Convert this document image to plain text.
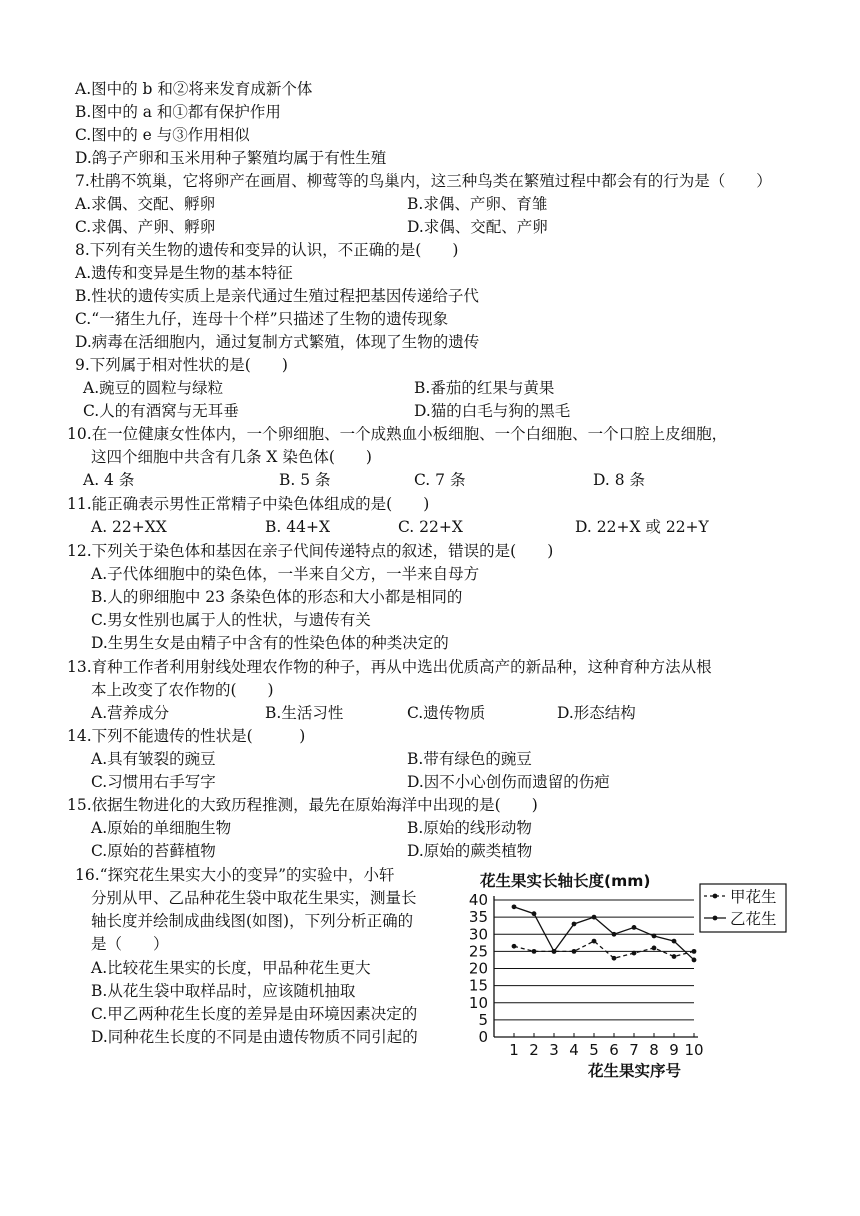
A.图中的 b 和②将来发育成新个体
B.图中的 a 和①都有保护作用
C.图中的 e 与③作用相似
D.鸽子产卵和玉米用种子繁殖均属于有性生殖
7.杜鹃不筑巢，它将卵产在画眉、柳莺等的鸟巢内，这三种鸟类在繁殖过程中都会有的行为是（　　）
A.求偶、交配、孵卵	B.求偶、产卵、育雏
C.求偶、产卵、孵卵	D.求偶、交配、产卵
8.下列有关生物的遗传和变异的认识，不正确的是(　　)
A.遗传和变异是生物的基本特征
B.性状的遗传实质上是亲代通过生殖过程把基因传递给子代
C.“一猪生九仔，连母十个样”只描述了生物的遗传现象
D.病毒在活细胞内，通过复制方式繁殖，体现了生物的遗传
9.下列属于相对性状的是(　　)
A.豌豆的圆粒与绿粒	B.番茄的红果与黄果
C.人的有酒窝与无耳垂	D.猫的白毛与狗的黑毛
10.在一位健康女性体内，一个卵细胞、一个成熟血小板细胞、一个白细胞、一个口腔上皮细胞，
这四个细胞中共含有几条 X 染色体(　　)
A. 4 条	B. 5 条	C. 7 条	D. 8 条
11.能正确表示男性正常精子中染色体组成的是(　　)
A. 22+XX	B. 44+X	C. 22+X	D. 22+X 或 22+Y
12.下列关于染色体和基因在亲子代间传递特点的叙述，错误的是(　　)
A.子代体细胞中的染色体，一半来自父方，一半来自母方
B.人的卵细胞中 23 条染色体的形态和大小都是相同的
C.男女性别也属于人的性状，与遗传有关
D.生男生女是由精子中含有的性染色体的种类决定的
13.育种工作者利用射线处理农作物的种子，再从中选出优质高产的新品种，这种育种方法从根
本上改变了农作物的(　　)
A.营养成分	B.生活习性	C.遗传物质	D.形态结构
14.下列不能遗传的性状是(　　　)
A.具有皱裂的豌豆	B.带有绿色的豌豆
C.习惯用右手写字	D.因不小心创伤而遗留的伤疤
15.依据生物进化的大致历程推测，最先在原始海洋中出现的是(　　)
A.原始的单细胞生物	B.原始的线形动物
C.原始的苔藓植物	D.原始的蕨类植物
16.“探究花生果实大小的变异”的实验中，小轩
分别从甲、乙品种花生袋中取花生果实，测量长
轴长度并绘制成曲线图(如图)，下列分析正确的
是（　　）
A.比较花生果实的长度，甲品种花生更大
B.从花生袋中取样品时，应该随机抽取
C.甲乙两种花生长度的差异是由环境因素决定的
D.同种花生长度的不同是由遗传物质不同引起的
花生果实长轴长度(mm)
0
5
10
15
20
25
30
35
40
1 2 3 4 5 6 7 8 9 10
甲花生
乙花生
花生果实序号
